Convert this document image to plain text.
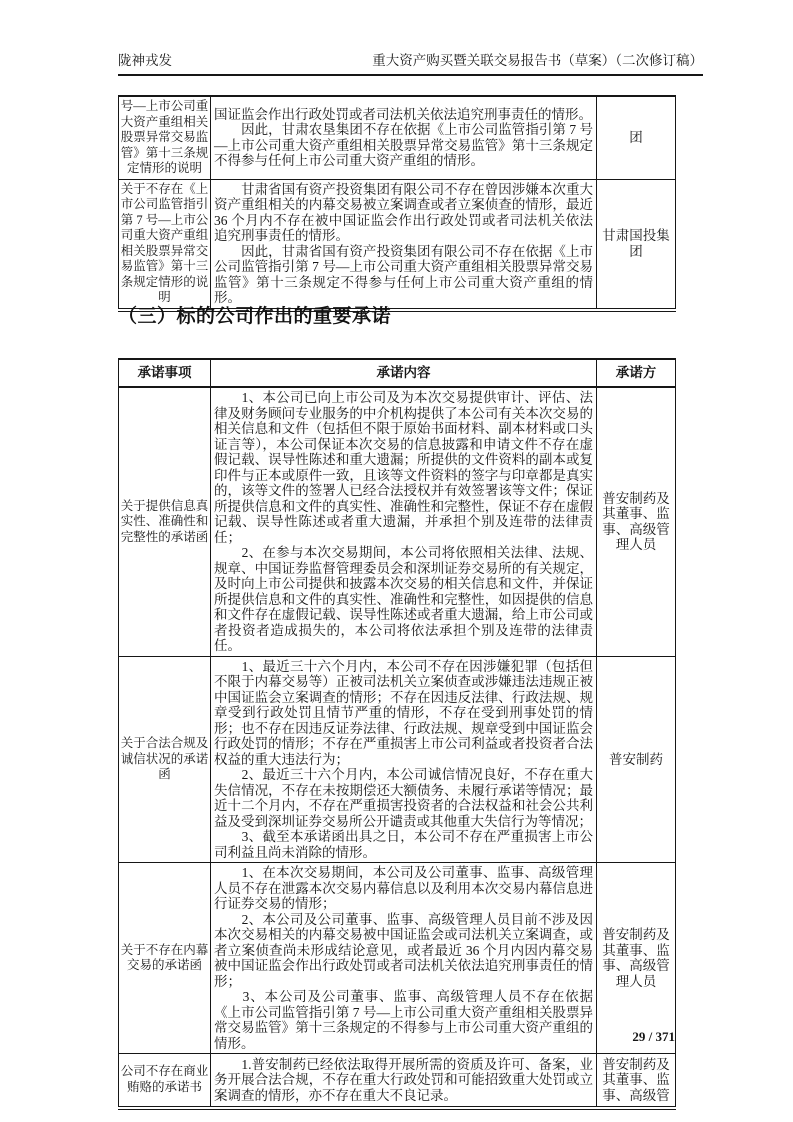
陇神戎发	重大资产购买暨关联交易报告书（草案）（二次修订稿）
号—上市公司重大资产重组相关股票异常交易监管》第十三条规定情形的说明	国证监会作出行政处罚或者司法机关依法追究刑事责任的情形。

　　因此，甘肃农垦集团不存在依据《上市公司监管指引第 7 号—上市公司重大资产重组相关股票异常交易监管》第十三条规定不得参与任何上市公司重大资产重组的情形。	团
关于不存在《上市公司监管指引第 7 号—上市公司重大资产重组相关股票异常交易监管》第十三条规定情形的说明	　　甘肃省国有资产投资集团有限公司不存在曾因涉嫌本次重大资产重组相关的内幕交易被立案调查或者立案侦查的情形，最近 36 个月内不存在被中国证监会作出行政处罚或者司法机关依法追究刑事责任的情形。

　　因此，甘肃省国有资产投资集团有限公司不存在依据《上市公司监管指引第 7 号—上市公司重大资产重组相关股票异常交易监管》第十三条规定不得参与任何上市公司重大资产重组的情形。	甘肃国投集团
（三）标的公司作出的重要承诺
承诺事项	承诺内容	承诺方
关于提供信息真实性、准确性和完整性的承诺函	　　1、本公司已向上市公司及为本次交易提供审计、评估、法律及财务顾问专业服务的中介机构提供了本公司有关本次交易的相关信息和文件（包括但不限于原始书面材料、副本材料或口头证言等），本公司保证本次交易的信息披露和申请文件不存在虚假记载、误导性陈述和重大遗漏；所提供的文件资料的副本或复印件与正本或原件一致，且该等文件资料的签字与印章都是真实的，该等文件的签署人已经合法授权并有效签署该等文件；保证所提供信息和文件的真实性、准确性和完整性，保证不存在虚假记载、误导性陈述或者重大遗漏，并承担个别及连带的法律责任；

　　2、在参与本次交易期间，本公司将依照相关法律、法规、规章、中国证券监督管理委员会和深圳证券交易所的有关规定，及时向上市公司提供和披露本次交易的相关信息和文件，并保证所提供信息和文件的真实性、准确性和完整性，如因提供的信息和文件存在虚假记载、误导性陈述或者重大遗漏，给上市公司或者投资者造成损失的，本公司将依法承担个别及连带的法律责任。	普安制药及其董事、监事、高级管理人员
关于合法合规及诚信状况的承诺函	　　1、最近三十六个月内，本公司不存在因涉嫌犯罪（包括但不限于内幕交易等）正被司法机关立案侦查或涉嫌违法违规正被中国证监会立案调查的情形；不存在因违反法律、行政法规、规章受到行政处罚且情节严重的情形，不存在受到刑事处罚的情形；也不存在因违反证券法律、行政法规、规章受到中国证监会行政处罚的情形；不存在严重损害上市公司利益或者投资者合法权益的重大违法行为；

　　2、最近三十六个月内，本公司诚信情况良好，不存在重大失信情况，不存在未按期偿还大额债务、未履行承诺等情况；最近十二个月内，不存在严重损害投资者的合法权益和社会公共利益及受到深圳证券交易所公开谴责或其他重大失信行为等情况；

　　3、截至本承诺函出具之日，本公司不存在严重损害上市公司利益且尚未消除的情形。	普安制药
关于不存在内幕交易的承诺函	　　1、在本次交易期间，本公司及公司董事、监事、高级管理人员不存在泄露本次交易内幕信息以及利用本次交易内幕信息进行证券交易的情形；

　　2、本公司及公司董事、监事、高级管理人员目前不涉及因本次交易相关的内幕交易被中国证监会或司法机关立案调查，或者立案侦查尚未形成结论意见，或者最近 36 个月内因内幕交易被中国证监会作出行政处罚或者司法机关依法追究刑事责任的情形；

　　3、本公司及公司董事、监事、高级管理人员不存在依据《上市公司监管指引第 7 号—上市公司重大资产重组相关股票异常交易监管》第十三条规定的不得参与上市公司重大资产重组的情形。	普安制药及其董事、监事、高级管理人员
公司不存在商业贿赂的承诺书	　　1.普安制药已经依法取得开展所需的资质及许可、备案，业务开展合法合规，不存在重大行政处罚和可能招致重大处罚或立案调查的情形，亦不存在重大不良记录。	普安制药及其董事、监事、高级管
29 / 371
